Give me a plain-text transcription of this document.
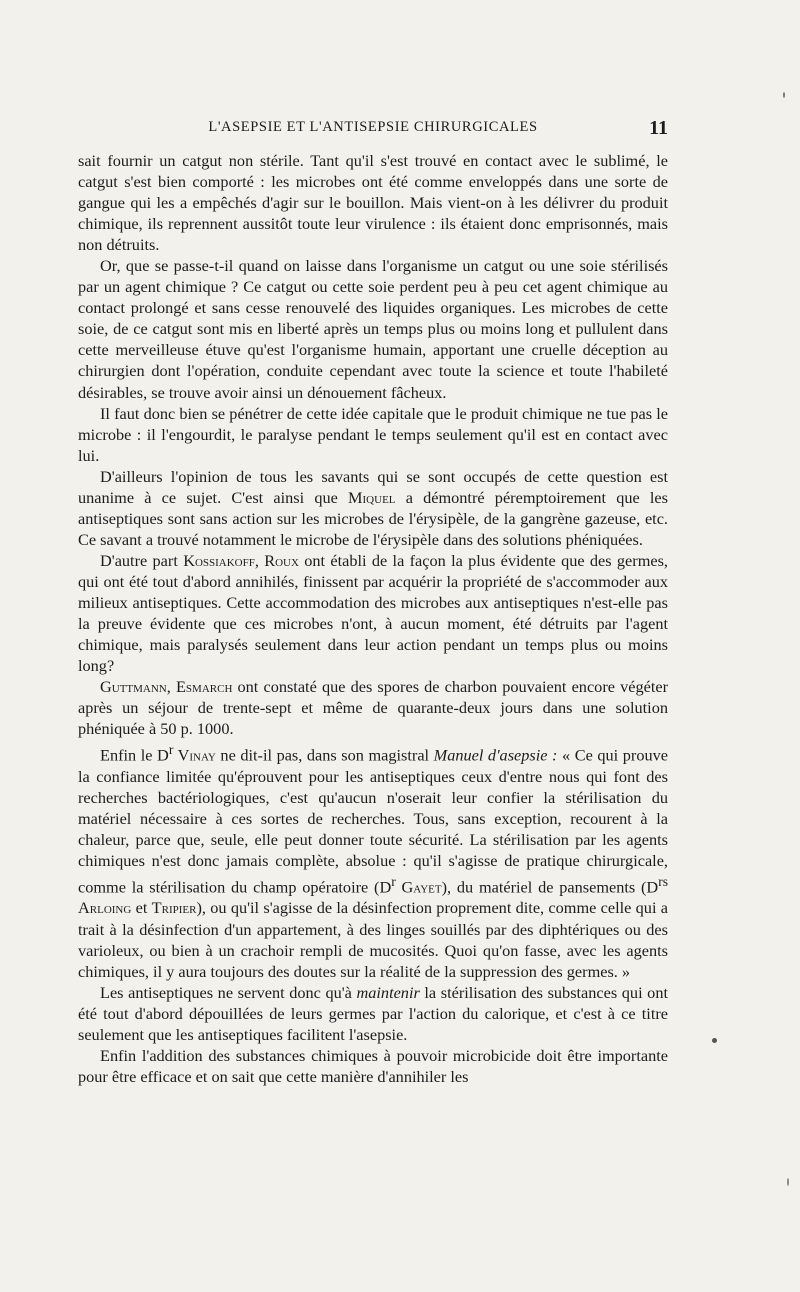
L'ASEPSIE ET L'ANTISEPSIE CHIRURGICALES	11

sait fournir un catgut non stérile. Tant qu'il s'est trouvé en contact avec le sublimé, le catgut s'est bien comporté : les microbes ont été comme enveloppés dans une sorte de gangue qui les a empêchés d'agir sur le bouillon. Mais vient-on à les délivrer du produit chimique, ils reprennent aussitôt toute leur virulence : ils étaient donc emprisonnés, mais non détruits.

Or, que se passe-t-il quand on laisse dans l'organisme un catgut ou une soie stérilisés par un agent chimique ? Ce catgut ou cette soie perdent peu à peu cet agent chimique au contact prolongé et sans cesse renouvelé des liquides organiques. Les microbes de cette soie, de ce catgut sont mis en liberté après un temps plus ou moins long et pullulent dans cette merveilleuse étuve qu'est l'organisme humain, apportant une cruelle déception au chirurgien dont l'opération, conduite cependant avec toute la science et toute l'habileté désirables, se trouve avoir ainsi un dénouement fâcheux.

Il faut donc bien se pénétrer de cette idée capitale que le produit chimique ne tue pas le microbe : il l'engourdit, le paralyse pendant le temps seulement qu'il est en contact avec lui.

D'ailleurs l'opinion de tous les savants qui se sont occupés de cette question est unanime à ce sujet. C'est ainsi que Miquel a démontré péremptoirement que les antiseptiques sont sans action sur les microbes de l'érysipèle, de la gangrène gazeuse, etc. Ce savant a trouvé notamment le microbe de l'érysipèle dans des solutions phéniquées.

D'autre part Kossiakoff, Roux ont établi de la façon la plus évidente que des germes, qui ont été tout d'abord annihilés, finissent par acquérir la propriété de s'accommoder aux milieux antiseptiques. Cette accommodation des microbes aux antiseptiques n'est-elle pas la preuve évidente que ces microbes n'ont, à aucun moment, été détruits par l'agent chimique, mais paralysés seulement dans leur action pendant un temps plus ou moins long?

Guttmann, Esmarch ont constaté que des spores de charbon pouvaient encore végéter après un séjour de trente-sept et même de quarante-deux jours dans une solution phéniquée à 50 p. 1000.

Enfin le $D^r$ Vinay ne dit-il pas, dans son magistral Manuel d'asepsie : « Ce qui prouve la confiance limitée qu'éprouvent pour les antiseptiques ceux d'entre nous qui font des recherches bactériologiques, c'est qu'aucun n'oserait leur confier la stérilisation du matériel nécessaire à ces sortes de recherches. Tous, sans exception, recourent à la chaleur, parce que, seule, elle peut donner toute sécurité. La stérilisation par les agents chimiques n'est donc jamais complète, absolue : qu'il s'agisse de pratique chirurgicale, comme la stérilisation du champ opératoire ($D^r$ Gayet), du matériel de pansements ($D^{rs}$ Arloing et Tripier), ou qu'il s'agisse de la désinfection proprement dite, comme celle qui a trait à la désinfection d'un appartement, à des linges souillés par des diphtériques ou des varioleux, ou bien à un crachoir rempli de mucosités. Quoi qu'on fasse, avec les agents chimiques, il y aura toujours des doutes sur la réalité de la suppression des germes. »

Les antiseptiques ne servent donc qu'à maintenir la stérilisation des substances qui ont été tout d'abord dépouillées de leurs germes par l'action du calorique, et c'est à ce titre seulement que les antiseptiques facilitent l'asepsie.

Enfin l'addition des substances chimiques à pouvoir microbicide doit être importante pour être efficace et on sait que cette manière d'annihiler les
